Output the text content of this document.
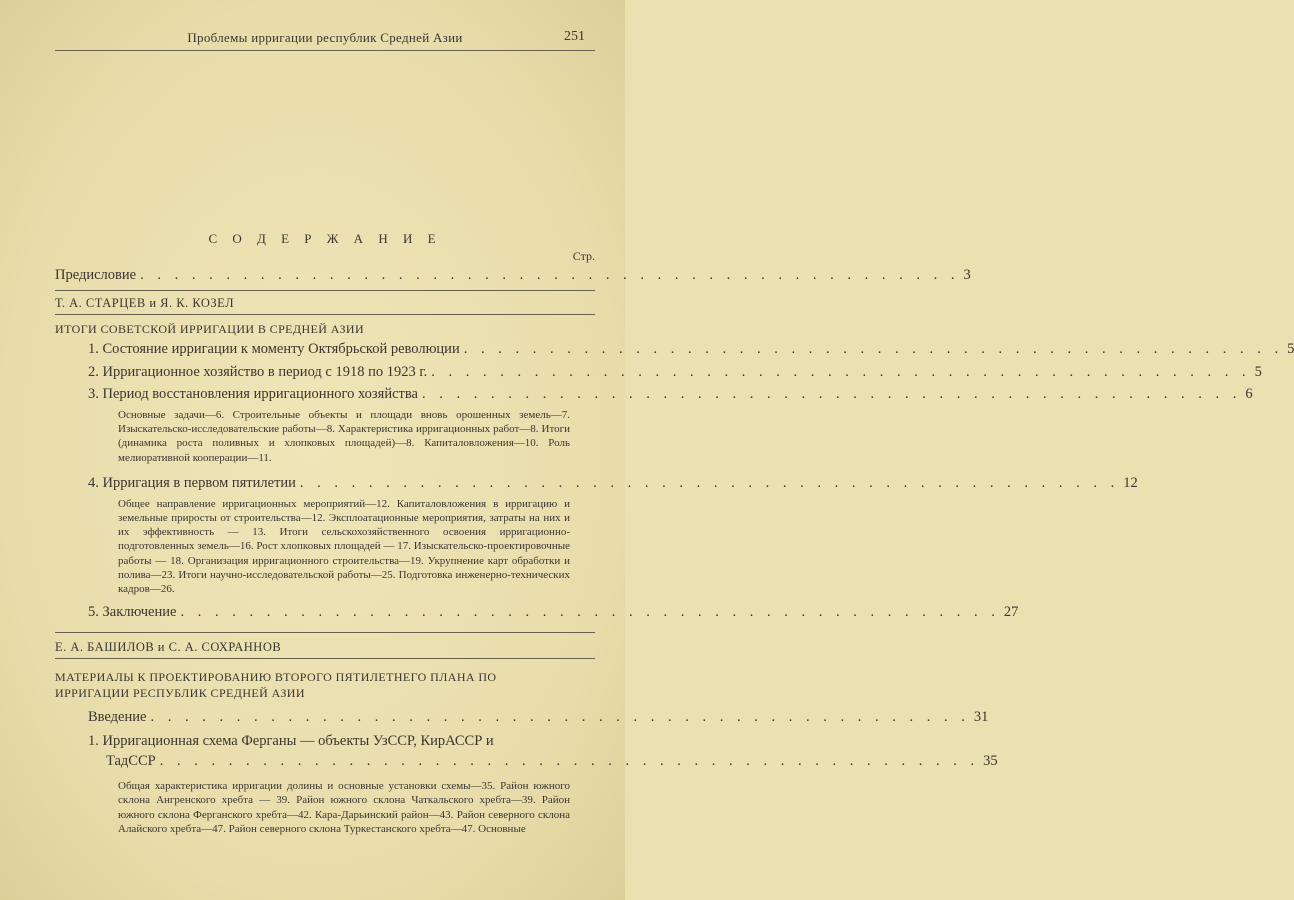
Проблемы ирригации республик Средней Азии	251
С О Д Е Р Ж А Н И Е
Стр.
Предисловие . . . . . . . . . . . . . . . . . . . . . . . . . . . . . . . . . . . . . . . . . . . . . . . . 3
Т. А. СТАРЦЕВ и Я. К. КОЗЕЛ
ИТОГИ СОВЕТСКОЙ ИРРИГАЦИИ В СРЕДНЕЙ АЗИИ
1. Состояние ирригации к моменту Октябрьской революции . . . . . . . . . . . . . . . . . . . . . . . . . . . . . . . . . . . . . . . . . . . . . . . . 5
2. Ирригационное хозяйство в период с 1918 по 1923 г. . . . . . . . . . . . . . . . . . . . . . . . . . . . . . . . . . . . . . . . . . . . . . . . . 5
3. Период восстановления ирригационного хозяйства . . . . . . . . . . . . . . . . . . . . . . . . . . . . . . . . . . . . . . . . . . . . . . . . 6
Основные задачи—6. Строительные объекты и площади вновь орошенных земель—7. Изыскательско-исследовательские работы—8. Характеристика ирригационных работ—8. Итоги (динамика роста поливных и хлопковых площадей)—8. Капиталовложения—10. Роль мелиоративной кооперации—11.
4. Ирригация в первом пятилетии . . . . . . . . . . . . . . . . . . . . . . . . . . . . . . . . . . . . . . . . . . . . . . . . 12
Общее направление ирригационных мероприятий—12. Капиталовложения в ирригацию и земельные приросты от строительства—12. Эксплоатационные мероприятия, затраты на них и их эффективность — 13. Итоги сельскохозяйственного освоения ирригационно-подготовленных земель—16. Рост хлопковых площадей — 17. Изыскательско-проектировочные работы — 18. Организация ирригационного строительства—19. Укрупнение карт обработки и полива—23. Итоги научно-исследовательской работы—25. Подготовка инженерно-технических кадров—26.
5. Заключение . . . . . . . . . . . . . . . . . . . . . . . . . . . . . . . . . . . . . . . . . . . . . . . . 27
Е. А. БАШИЛОВ и С. А. СОХРАННОВ
МАТЕРИАЛЫ К ПРОЕКТИРОВАНИЮ ВТОРОГО ПЯТИЛЕТНЕГО ПЛАНА ПО
ИРРИГАЦИИ РЕСПУБЛИК СРЕДНЕЙ АЗИИ
Введение . . . . . . . . . . . . . . . . . . . . . . . . . . . . . . . . . . . . . . . . . . . . . . . . 31
1. Ирригационная схема Ферганы — объекты УзССР, КирАССР и
ТадССР . . . . . . . . . . . . . . . . . . . . . . . . . . . . . . . . . . . . . . . . . . . . . . . . 35
Общая характеристика ирригации долины и основные установки схемы—35. Район южного склона Ангренского хребта — 39. Район южного склона Чаткальского хребта—39. Район южного склона Ферганского хребта—42. Кара-Дарьинский район—43. Район северного склона Алайского хребта—47. Район северного склона Туркестанского хребта—47. Основные
